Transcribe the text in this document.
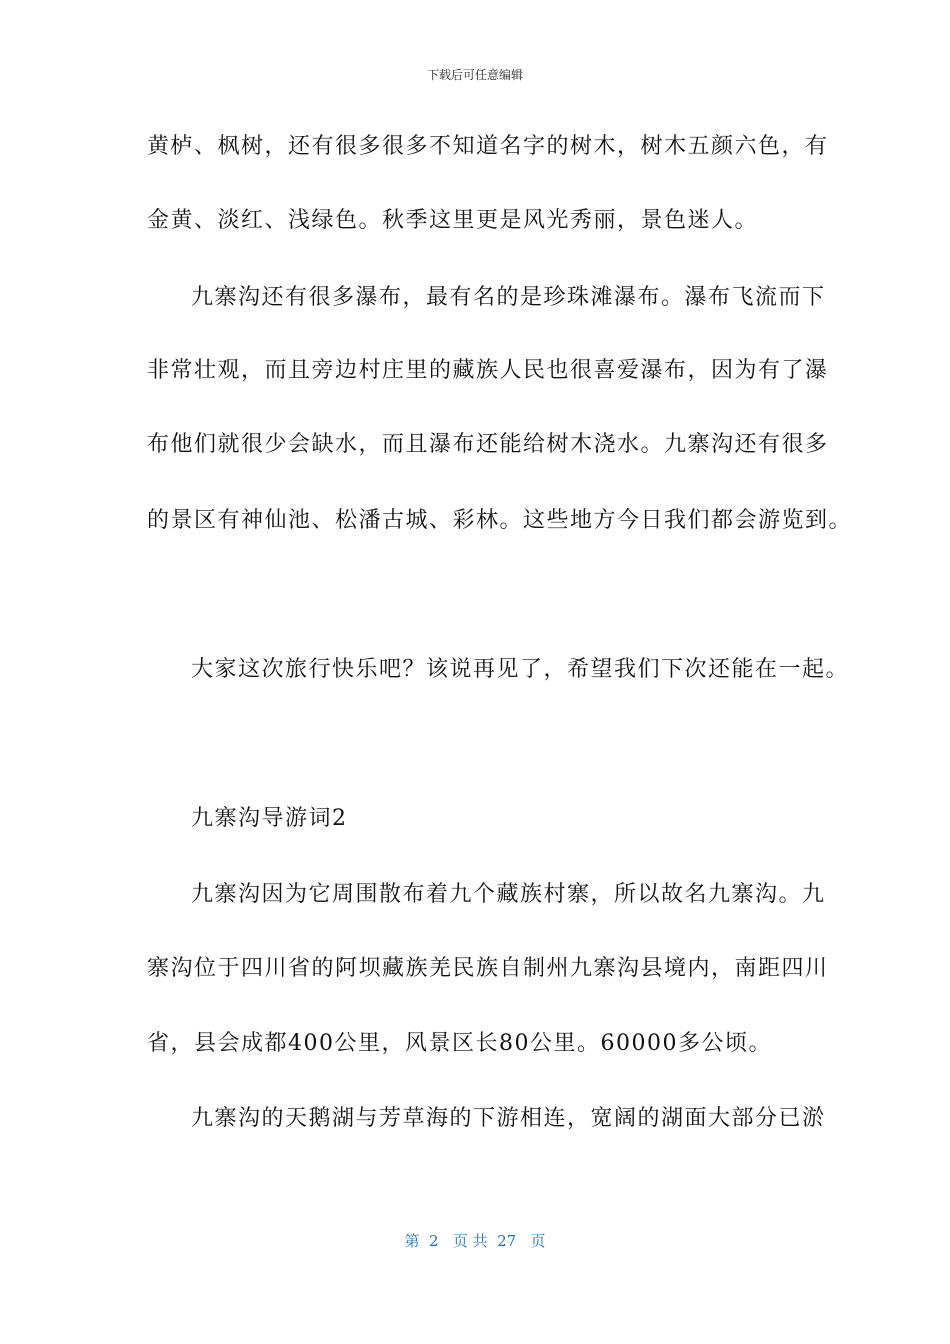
下载后可任意编辑
黄栌、枫树，还有很多很多不知道名字的树木，树木五颜六色，有
金黄、淡红、浅绿色。秋季这里更是风光秀丽，景色迷人。
九寨沟还有很多瀑布，最有名的是珍珠滩瀑布。瀑布飞流而下
非常壮观，而且旁边村庄里的藏族人民也很喜爱瀑布，因为有了瀑
布他们就很少会缺水，而且瀑布还能给树木浇水。九寨沟还有很多
的景区有神仙池、松潘古城、彩林。这些地方今日我们都会游览到。
大家这次旅行快乐吧？该说再见了，希望我们下次还能在一起。
九寨沟导游词2
九寨沟因为它周围散布着九个藏族村寨，所以故名九寨沟。九
寨沟位于四川省的阿坝藏族羌民族自制州九寨沟县境内，南距四川
省，县会成都400公里，风景区长80公里。60000多公顷。
九寨沟的天鹅湖与芳草海的下游相连，宽阔的湖面大部分已淤
第  2   页 共  27   页
